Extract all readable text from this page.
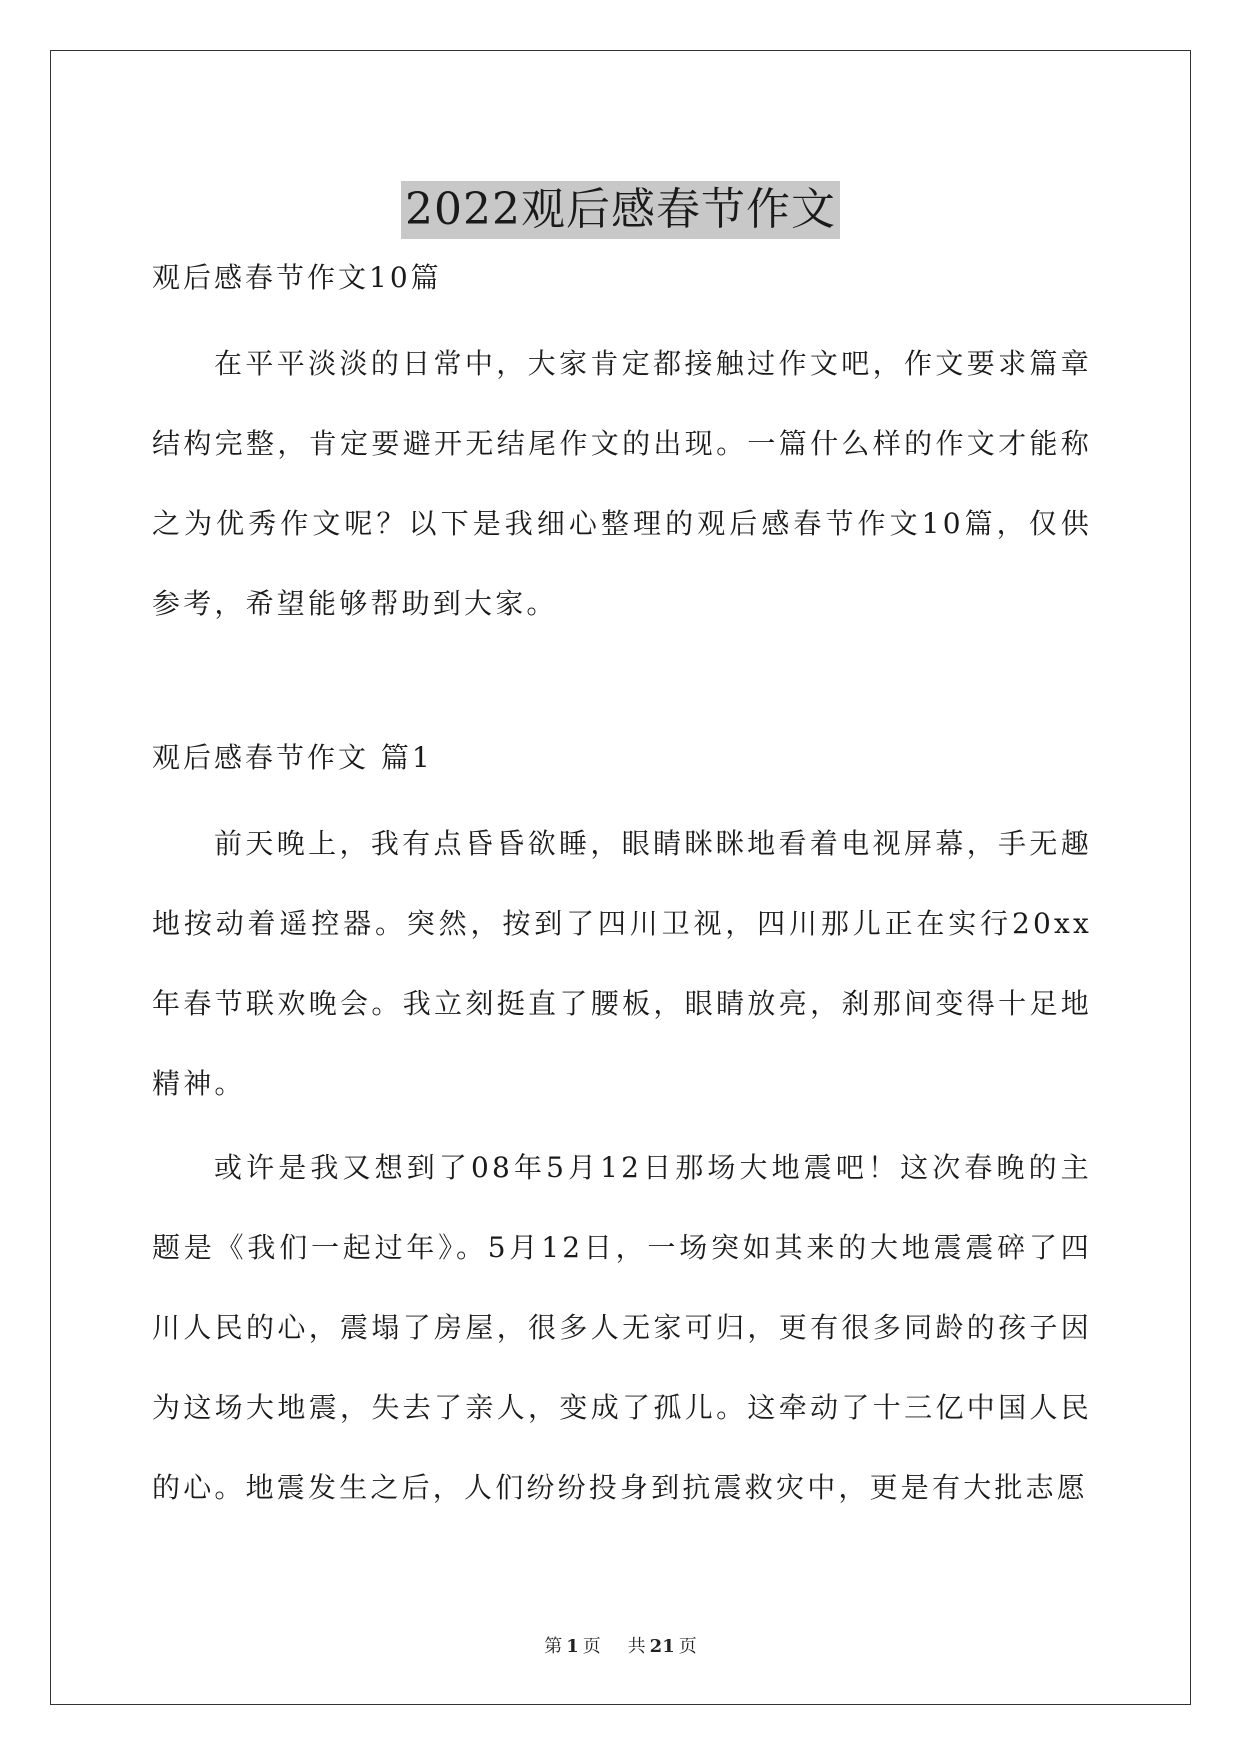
2022观后感春节作文

观后感春节作文10篇

在平平淡淡的日常中，大家肯定都接触过作文吧，作文要求篇章结构完整，肯定要避开无结尾作文的出现。一篇什么样的作文才能称之为优秀作文呢？以下是我细心整理的观后感春节作文10篇，仅供参考，希望能够帮助到大家。

观后感春节作文 篇1

前天晚上，我有点昏昏欲睡，眼睛眯眯地看着电视屏幕，手无趣地按动着遥控器。突然，按到了四川卫视，四川那儿正在实行20xx年春节联欢晚会。我立刻挺直了腰板，眼睛放亮，刹那间变得十足地精神。

或许是我又想到了08年5月12日那场大地震吧！这次春晚的主题是《我们一起过年》。5月12日，一场突如其来的大地震震碎了四川人民的心，震塌了房屋，很多人无家可归，更有很多同龄的孩子因为这场大地震，失去了亲人，变成了孤儿。这牵动了十三亿中国人民的心。地震发生之后，人们纷纷投身到抗震救灾中，更是有大批志愿

第 1 页 共 21 页
